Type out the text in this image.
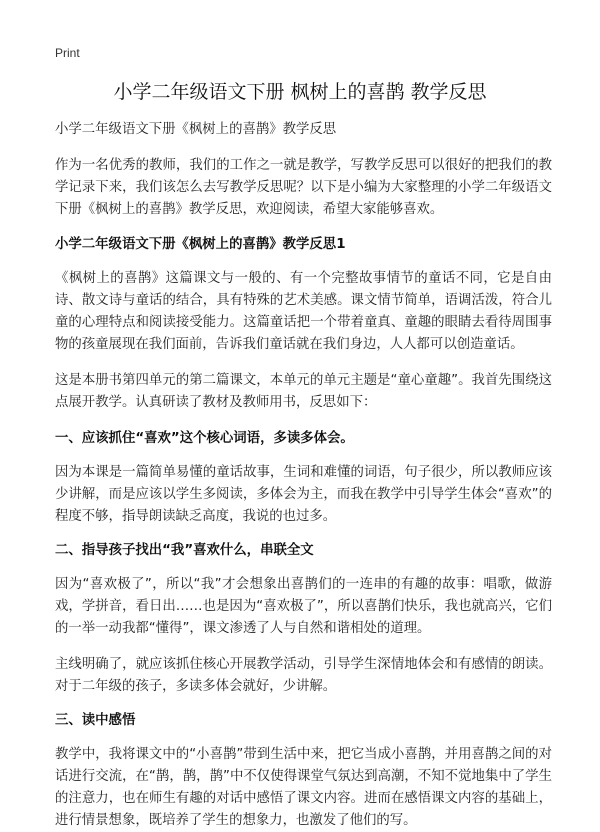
Print
小学二年级语文下册 枫树上的喜鹊 教学反思

小学二年级语文下册《枫树上的喜鹊》教学反思

作为一名优秀的教师，我们的工作之一就是教学，写教学反思可以很好的把我们的教学记录下来，我们该怎么去写教学反思呢？以下是小编为大家整理的小学二年级语文下册《枫树上的喜鹊》教学反思，欢迎阅读，希望大家能够喜欢。

小学二年级语文下册《枫树上的喜鹊》教学反思1

《枫树上的喜鹊》这篇课文与一般的、有一个完整故事情节的童话不同，它是自由诗、散文诗与童话的结合，具有特殊的艺术美感。课文情节简单，语调活泼，符合儿童的心理特点和阅读接受能力。这篇童话把一个带着童真、童趣的眼睛去看待周围事物的孩童展现在我们面前，告诉我们童话就在我们身边，人人都可以创造童话。

这是本册书第四单元的第二篇课文，本单元的单元主题是“童心童趣”。我首先围绕这点展开教学。认真研读了教材及教师用书，反思如下：

一、应该抓住“喜欢”这个核心词语，多读多体会。

因为本课是一篇简单易懂的童话故事，生词和难懂的词语，句子很少，所以教师应该少讲解，而是应该以学生多阅读，多体会为主，而我在教学中引导学生体会“喜欢”的程度不够，指导朗读缺乏高度，我说的也过多。

二、指导孩子找出“我”喜欢什么，串联全文

因为“喜欢极了”，所以“我”才会想象出喜鹊们的一连串的有趣的故事：唱歌，做游戏，学拼音，看日出……也是因为“喜欢极了”，所以喜鹊们快乐，我也就高兴，它们的一举一动我都“懂得”，课文渗透了人与自然和谐相处的道理。

主线明确了，就应该抓住核心开展教学活动，引导学生深情地体会和有感情的朗读。对于二年级的孩子，多读多体会就好，少讲解。

三、读中感悟

教学中，我将课文中的“小喜鹊”带到生活中来，把它当成小喜鹊，并用喜鹊之间的对话进行交流，在“鹊，鹊，鹊”中不仅使得课堂气氛达到高潮，不知不觉地集中了学生的注意力，也在师生有趣的对话中感悟了课文内容。进而在感悟课文内容的基础上，进行情景想象，既培养了学生的想象力，也激发了他们的写。
